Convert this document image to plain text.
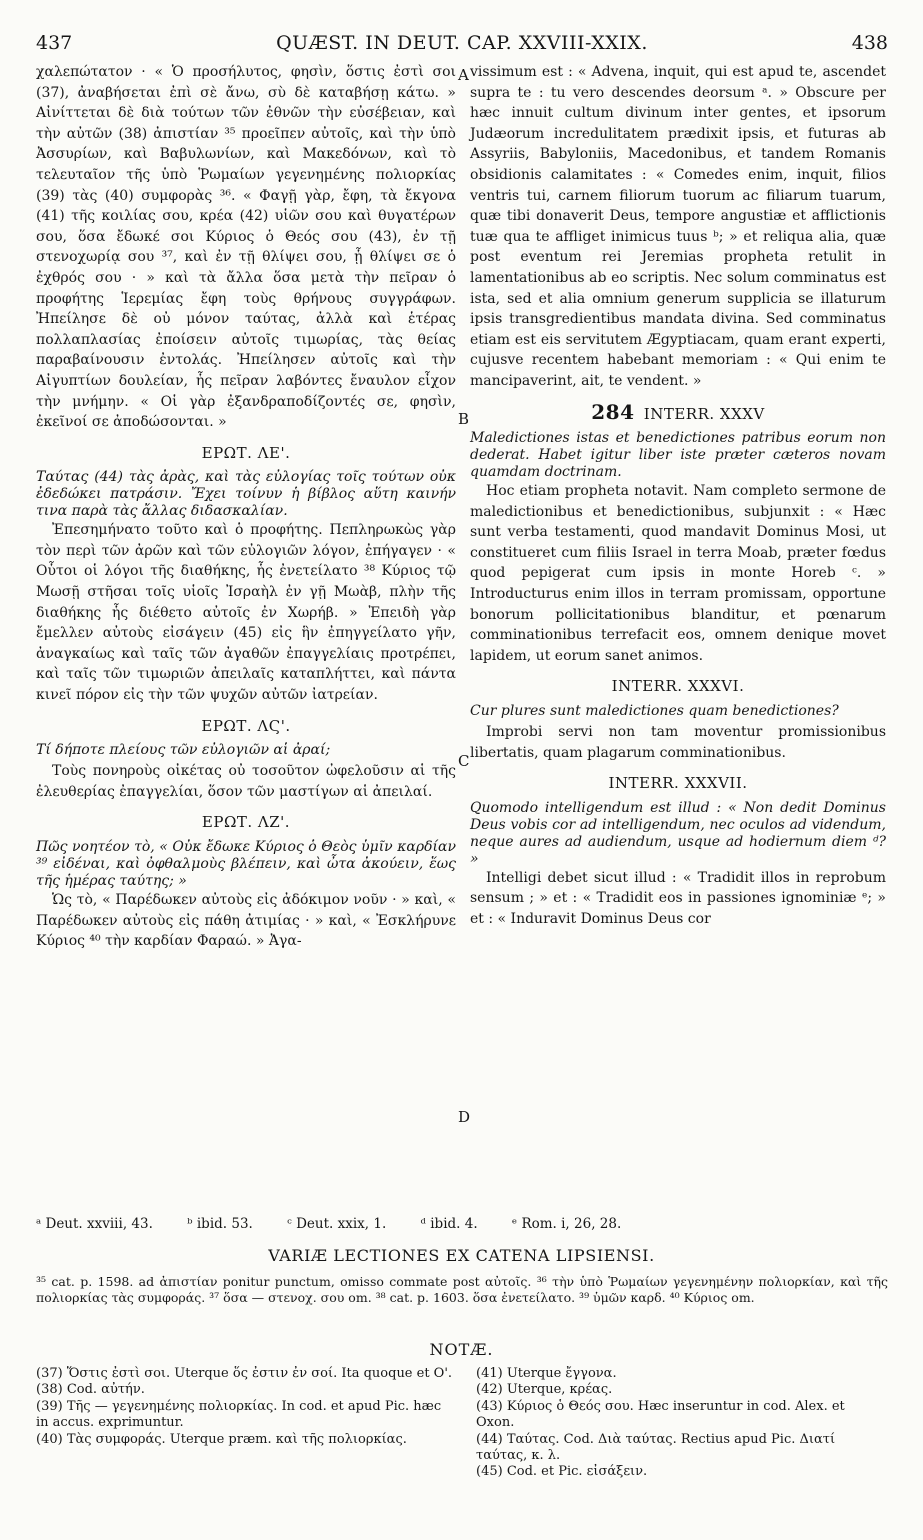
437	QUÆST. IN DEUT. CAP. XXVIII-XXIX.	438

χαλεπώτατον · « Ὁ προσήλυτος, φησὶν, ὅστις ἐστὶ σοι (37), ἀναβήσεται ἐπὶ σὲ ἄνω, σὺ δὲ καταβήσῃ κάτω. » Αἰνίττεται δὲ διὰ τούτων τῶν ἐθνῶν τὴν εὐσέβειαν, καὶ τὴν αὐτῶν (38) ἀπιστίαν ³⁵ προεῖπεν αὐτοῖς, καὶ τὴν ὑπὸ Ἀσσυρίων, καὶ Βαβυλωνίων, καὶ Μακεδόνων, καὶ τὸ τελευταῖον τῆς ὑπὸ Ῥωμαίων γεγενημένης πολιορκίας (39) τὰς (40) συμφορὰς ³⁶. « Φαγῇ γὰρ, ἔφη, τὰ ἔκγονα (41) τῆς κοιλίας σου, κρέα (42) υἱῶν σου καὶ θυγατέρων σου, ὅσα ἔδωκέ σοι Κύριος ὁ Θεός σου (43), ἐν τῇ στενοχωρίᾳ σου ³⁷, καὶ ἐν τῇ θλίψει σου, ᾗ θλίψει σε ὁ ἐχθρός σου · » καὶ τὰ ἄλλα ὅσα μετὰ τὴν πεῖραν ὁ προφήτης Ἱερεμίας ἔφη τοὺς θρήνους συγγράφων. Ἠπείλησε δὲ οὐ μόνον ταύτας, ἀλλὰ καὶ ἑτέρας πολλαπλασίας ἐποίσειν αὐτοῖς τιμωρίας, τὰς θείας παραβαίνουσιν ἐντολάς. Ἠπείλησεν αὐτοῖς καὶ τὴν Αἰγυπτίων δουλείαν, ἧς πεῖραν λαβόντες ἔναυλον εἶχον τὴν μνήμην. « Οἱ γὰρ ἐξανδραποδίζοντές σε, φησὶν, ἐκεῖνοί σε ἀποδώσονται. »

ΕΡΩΤ. ΛΕ'.

Ταύτας (44) τὰς ἀρὰς, καὶ τὰς εὐλογίας τοῖς τούτων οὐκ ἐδεδώκει πατράσιν. Ἔχει τοίνυν ἡ βίβλος αὕτη καινήν τινα παρὰ τὰς ἄλλας διδασκαλίαν.

Ἐπεσημήνατο τοῦτο καὶ ὁ προφήτης. Πεπληρωκὼς γὰρ τὸν περὶ τῶν ἀρῶν καὶ τῶν εὐλογιῶν λόγον, ἐπήγαγεν · « Οὗτοι οἱ λόγοι τῆς διαθήκης, ἧς ἐνετείλατο ³⁸ Κύριος τῷ Μωσῇ στῆσαι τοῖς υἱοῖς Ἰσραὴλ ἐν γῇ Μωὰβ, πλὴν τῆς διαθήκης ἧς διέθετο αὐτοῖς ἐν Χωρήβ. » Ἐπειδὴ γὰρ ἔμελλεν αὐτοὺς εἰσάγειν (45) εἰς ἣν ἐπηγγείλατο γῆν, ἀναγκαίως καὶ ταῖς τῶν ἀγαθῶν ἐπαγγελίαις προτρέπει, καὶ ταῖς τῶν τιμωριῶν ἀπειλαῖς καταπλήττει, καὶ πάντα κινεῖ πόρον εἰς τὴν τῶν ψυχῶν αὐτῶν ἰατρείαν.

ΕΡΩΤ. ΛϚ'.

Τί δήποτε πλείους τῶν εὐλογιῶν αἱ ἀραί;

Τοὺς πονηροὺς οἰκέτας οὐ τοσοῦτον ὠφελοῦσιν αἱ τῆς ἐλευθερίας ἐπαγγελίαι, ὅσον τῶν μαστίγων αἱ ἀπειλαί.

ΕΡΩΤ. ΛΖ'.

Πῶς νοητέον τὸ, « Οὐκ ἔδωκε Κύριος ὁ Θεὸς ὑμῖν καρδίαν ³⁹ εἰδέναι, καὶ ὀφθαλμοὺς βλέπειν, καὶ ὦτα ἀκούειν, ἕως τῆς ἡμέρας ταύτης; »

Ὡς τὸ, « Παρέδωκεν αὐτοὺς εἰς ἀδόκιμον νοῦν · » καὶ, « Παρέδωκεν αὐτοὺς εἰς πάθη ἀτιμίας · » καὶ, « Ἐσκλήρυνε Κύριος ⁴⁰ τὴν καρδίαν Φαραώ. » Ἀγα-

A
B
C
D

vissimum est : « Advena, inquit, qui est apud te, ascendet supra te : tu vero descendes deorsum ᵃ. » Obscure per hæc innuit cultum divinum inter gentes, et ipsorum Judæorum incredulitatem prædixit ipsis, et futuras ab Assyriis, Babyloniis, Macedonibus, et tandem Romanis obsidionis calamitates : « Comedes enim, inquit, filios ventris tui, carnem filiorum tuorum ac filiarum tuarum, quæ tibi donaverit Deus, tempore angustiæ et afflictionis tuæ qua te affliget inimicus tuus ᵇ; » et reliqua alia, quæ post eventum rei Jeremias propheta retulit in lamentationibus ab eo scriptis. Nec solum comminatus est ista, sed et alia omnium generum supplicia se illaturum ipsis transgredientibus mandata divina. Sed comminatus etiam est eis servitutem Ægyptiacam, quam erant experti, cujusve recentem habebant memoriam : « Qui enim te mancipaverint, ait, te vendent. »

284 INTERR. XXXV

Maledictiones istas et benedictiones patribus eorum non dederat. Habet igitur liber iste præter cæteros novam quamdam doctrinam.

Hoc etiam propheta notavit. Nam completo sermone de maledictionibus et benedictionibus, subjunxit : « Hæc sunt verba testamenti, quod mandavit Dominus Mosi, ut constitueret cum filiis Israel in terra Moab, præter fœdus quod pepigerat cum ipsis in monte Horeb ᶜ. » Introducturus enim illos in terram promissam, opportune bonorum pollicitationibus blanditur, et pœnarum comminationibus terrefacit eos, omnem denique movet lapidem, ut eorum sanet animos.

INTERR. XXXVI.

Cur plures sunt maledictiones quam benedictiones?

Improbi servi non tam moventur promissionibus libertatis, quam plagarum comminationibus.

INTERR. XXXVII.

Quomodo intelligendum est illud : « Non dedit Dominus Deus vobis cor ad intelligendum, nec oculos ad videndum, neque aures ad audiendum, usque ad hodiernum diem ᵈ? »

Intelligi debet sicut illud : « Tradidit illos in reprobum sensum ; » et : « Tradidit eos in passiones ignominiæ ᵉ; » et : « Induravit Dominus Deus cor

ᵃ Deut. xxviii, 43.	ᵇ ibid. 53.	ᶜ Deut. xxix, 1.	ᵈ ibid. 4.	ᵉ Rom. i, 26, 28.
VARIÆ LECTIONES EX CATENA LIPSIENSI.
³⁵ cat. p. 1598. ad ἀπιστίαν ponitur punctum, omisso commate post αὐτοῖς. ³⁶ τὴν ὑπὸ Ῥωμαίων γεγενημένην πολιορκίαν, καὶ τῆς πολιορκίας τὰς συμφοράς. ³⁷ ὅσα — στενοχ. σου om. ³⁸ cat. p. 1603. ὅσα ἐνετείλατο. ³⁹ ὑμῶν καρδ. ⁴⁰ Κύριος om.
NOTÆ.
(37) Ὅστις ἐστὶ σοι. Uterque ὅς ἐστιν ἐν σοί. Ita quoque et O'.
(38) Cod. αὐτήν.
(39) Τῆς — γεγενημένης πολιορκίας. In cod. et apud Pic. hæc in accus. exprimuntur.
(40) Τὰς συμφοράς. Uterque præm. καὶ τῆς πολιορκίας.
(41) Uterque ἔγγονα.
(42) Uterque, κρέας.
(43) Κύριος ὁ Θεός σου. Hæc inseruntur in cod. Alex. et Oxon.
(44) Ταύτας. Cod. Διὰ ταύτας. Rectius apud Pic. Διατί ταύτας, κ. λ.
(45) Cod. et Pic. εἰσάξειν.
